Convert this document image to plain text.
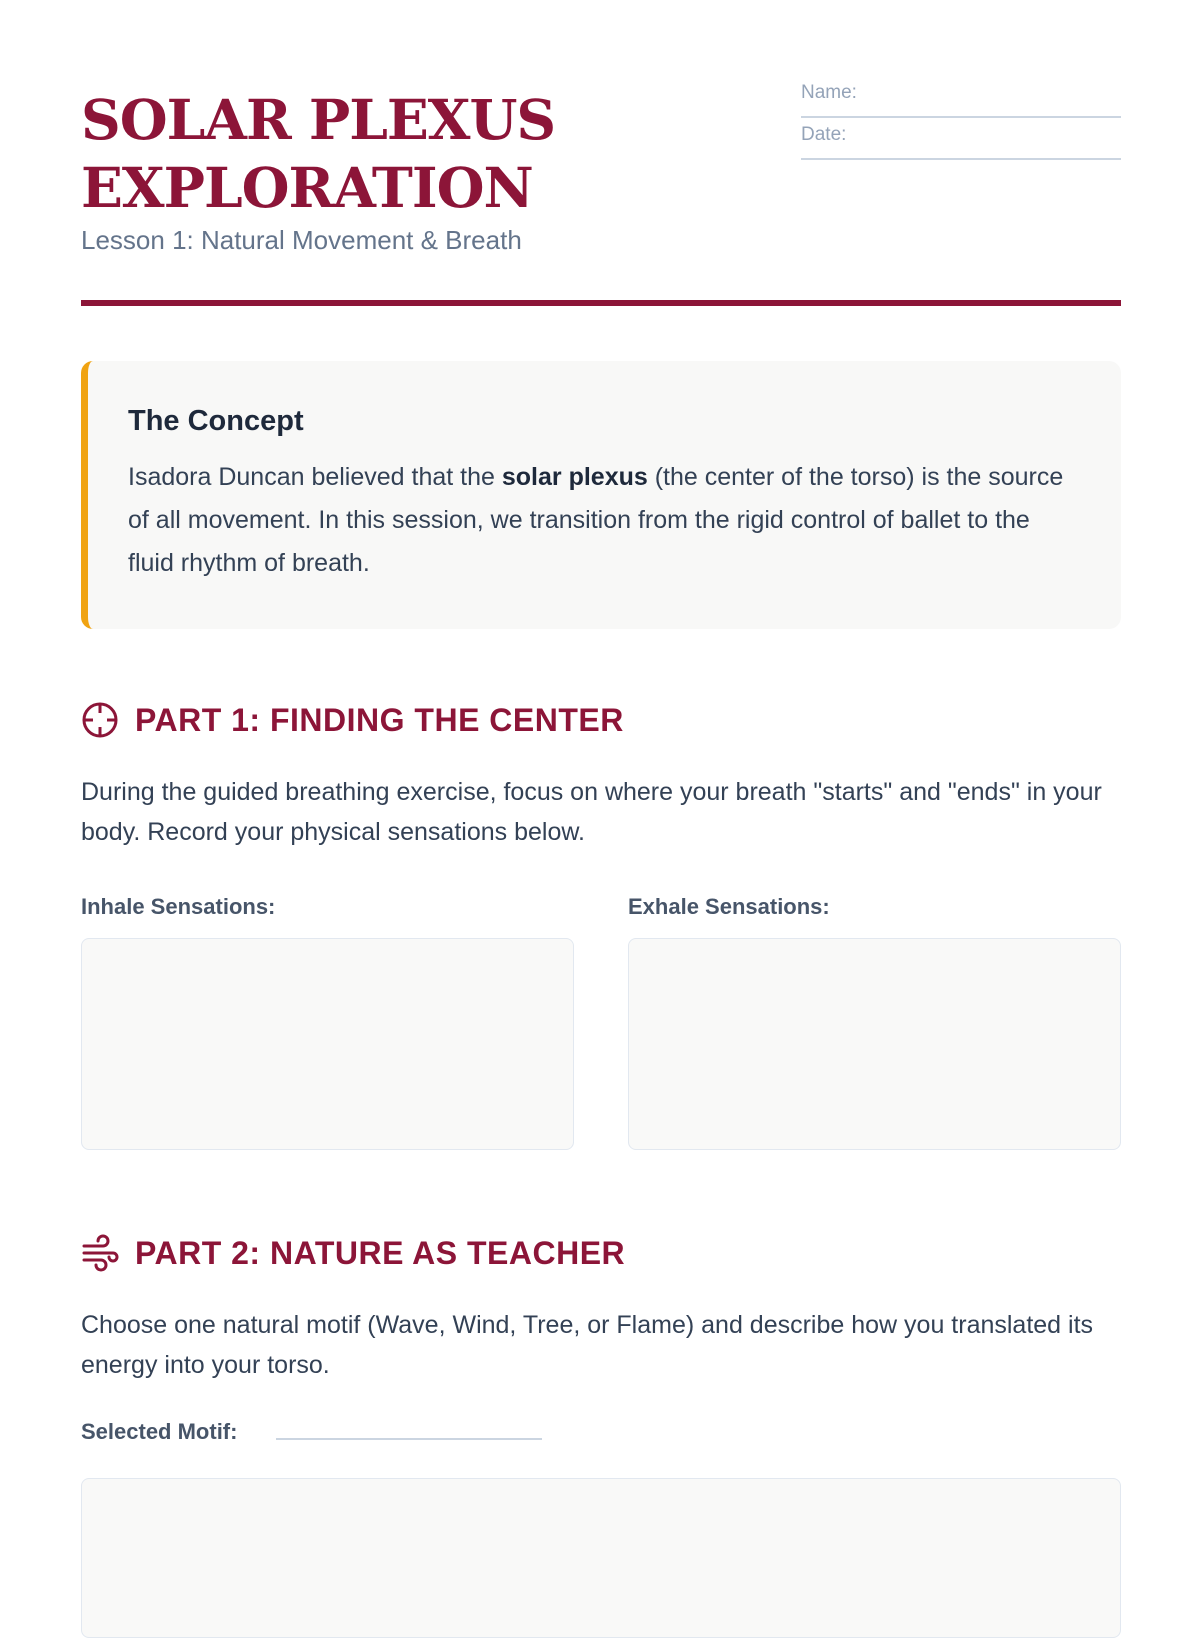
SOLAR PLEXUS
EXPLORATION
Lesson 1: Natural Movement & Breath
Name:
Date:
The Concept

Isadora Duncan believed that the solar plexus (the center of the torso) is the source of all movement. In this session, we transition from the rigid control of ballet to the fluid rhythm of breath.

PART 1: FINDING THE CENTER

During the guided breathing exercise, focus on where your breath "starts" and "ends" in your body. Record your physical sensations below.

Inhale Sensations:	Exhale Sensations:
PART 2: NATURE AS TEACHER

Choose one natural motif (Wave, Wind, Tree, or Flame) and describe how you translated its energy into your torso.

Selected Motif:
